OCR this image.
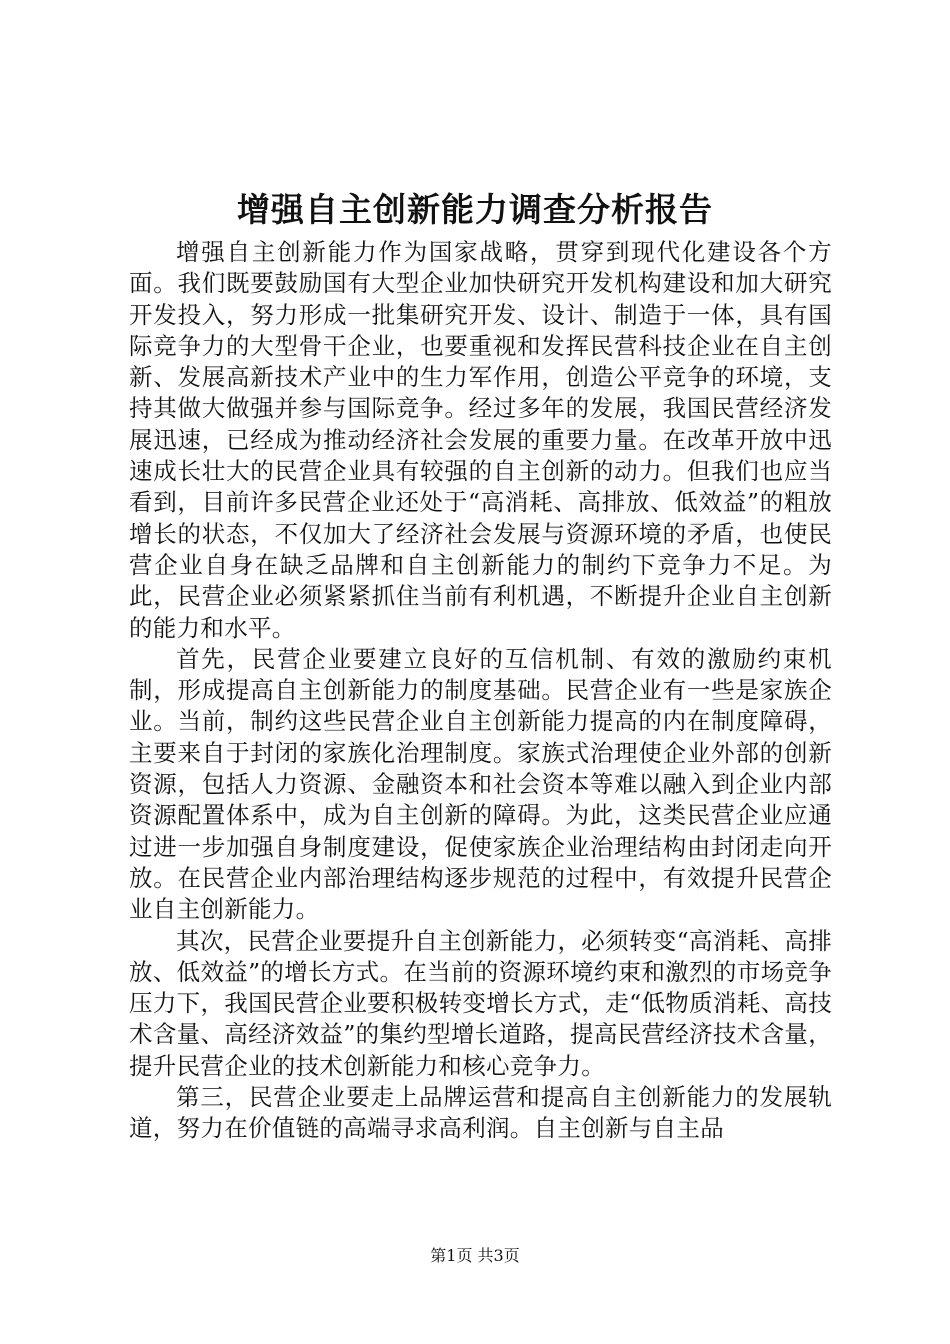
增强自主创新能力调查分析报告

增强自主创新能力作为国家战略，贯穿到现代化建设各个方面。我们既要鼓励国有大型企业加快研究开发机构建设和加大研究开发投入，努力形成一批集研究开发、设计、制造于一体，具有国际竞争力的大型骨干企业，也要重视和发挥民营科技企业在自主创新、发展高新技术产业中的生力军作用，创造公平竞争的环境，支持其做大做强并参与国际竞争。经过多年的发展，我国民营经济发展迅速，已经成为推动经济社会发展的重要力量。在改革开放中迅速成长壮大的民营企业具有较强的自主创新的动力。但我们也应当看到，目前许多民营企业还处于“高消耗、高排放、低效益”的粗放增长的状态，不仅加大了经济社会发展与资源环境的矛盾，也使民营企业自身在缺乏品牌和自主创新能力的制约下竞争力不足。为此，民营企业必须紧紧抓住当前有利机遇，不断提升企业自主创新的能力和水平。

首先，民营企业要建立良好的互信机制、有效的激励约束机制，形成提高自主创新能力的制度基础。民营企业有一些是家族企业。当前，制约这些民营企业自主创新能力提高的内在制度障碍，主要来自于封闭的家族化治理制度。家族式治理使企业外部的创新资源，包括人力资源、金融资本和社会资本等难以融入到企业内部资源配置体系中，成为自主创新的障碍。为此，这类民营企业应通过进一步加强自身制度建设，促使家族企业治理结构由封闭走向开放。在民营企业内部治理结构逐步规范的过程中，有效提升民营企业自主创新能力。

其次，民营企业要提升自主创新能力，必须转变“高消耗、高排放、低效益”的增长方式。在当前的资源环境约束和激烈的市场竞争压力下，我国民营企业要积极转变增长方式，走“低物质消耗、高技术含量、高经济效益”的集约型增长道路，提高民营经济技术含量，提升民营企业的技术创新能力和核心竞争力。

第三，民营企业要走上品牌运营和提高自主创新能力的发展轨道，努力在价值链的高端寻求高利润。自主创新与自主品

第1页 共3页
